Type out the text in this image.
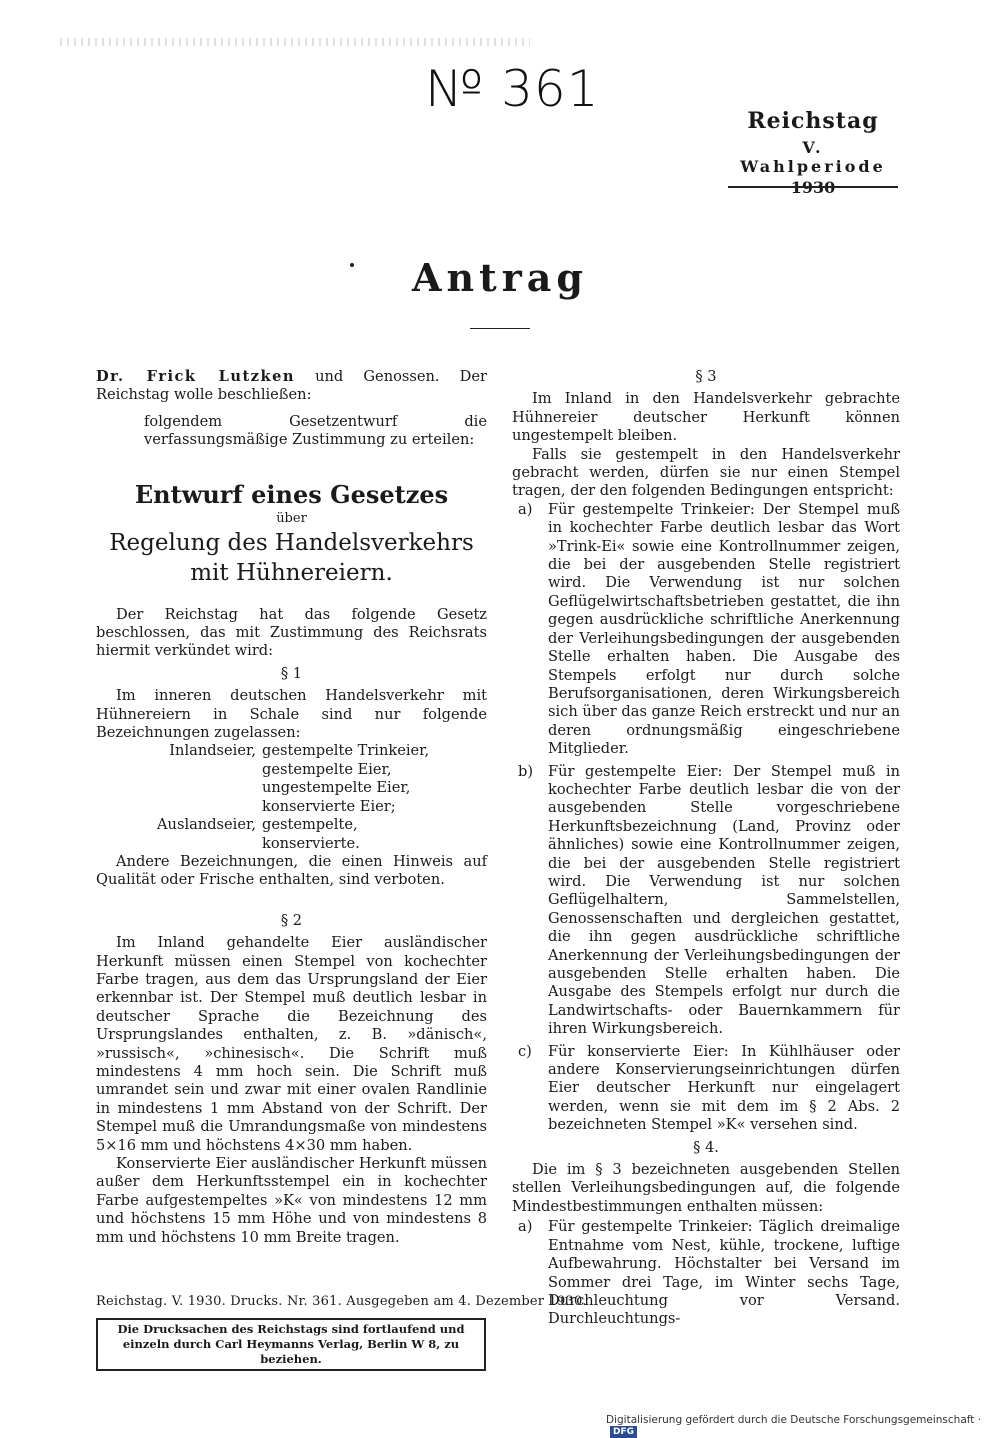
№ 361
Reichstag
V. Wahlperiode
Antrag

Dr. Frick Lutzken und Genossen. Der Reichstag wolle beschließen:

folgendem Gesetzentwurf die verfassungsmäßige Zustimmung zu erteilen:

Entwurf eines Gesetzes

über

Regelung des Handelsverkehrs mit Hühnereiern.

Der Reichstag hat das folgende Gesetz beschlossen, das mit Zustimmung des Reichsrats hiermit verkündet wird:

§ 1

Im inneren deutschen Handelsverkehr mit Hühnereiern in Schale sind nur folgende Bezeichnungen zugelassen:

Inlandseier, gestempelte Trinkeier,
gestempelte Eier,
ungestempelte Eier,
konservierte Eier;
Auslandseier, gestempelte,
konservierte.

Andere Bezeichnungen, die einen Hinweis auf Qualität oder Frische enthalten, sind verboten.

§ 2

Im Inland gehandelte Eier ausländischer Herkunft müssen einen Stempel von kochechter Farbe tragen, aus dem das Ursprungsland der Eier erkennbar ist. Der Stempel muß deutlich lesbar in deutscher Sprache die Bezeichnung des Ursprungslandes enthalten, z. B. »dänisch«, »russisch«, »chinesisch«. Die Schrift muß mindestens 4 mm hoch sein. Die Schrift muß umrandet sein und zwar mit einer ovalen Randlinie in mindestens 1 mm Abstand von der Schrift. Der Stempel muß die Umrandungsmaße von mindestens 5×16 mm und höchstens 4×30 mm haben.

Konservierte Eier ausländischer Herkunft müssen außer dem Herkunftsstempel ein in kochechter Farbe aufgestempeltes »K« von mindestens 12 mm und höchstens 15 mm Höhe und von mindestens 8 mm und höchstens 10 mm Breite tragen.

§ 3

Im Inland in den Handelsverkehr gebrachte Hühnereier deutscher Herkunft können ungestempelt bleiben.

Falls sie gestempelt in den Handelsverkehr gebracht werden, dürfen sie nur einen Stempel tragen, der den folgenden Bedingungen entspricht:

a)	Für gestempelte Trinkeier: Der Stempel muß in kochechter Farbe deutlich lesbar das Wort »Trink-Ei« sowie eine Kontrollnummer zeigen, die bei der ausgebenden Stelle registriert wird. Die Verwendung ist nur solchen Geflügelwirtschaftsbetrieben gestattet, die ihn gegen ausdrückliche schriftliche Anerkennung der Verleihungsbedingungen der ausgebenden Stelle erhalten haben. Die Ausgabe des Stempels erfolgt nur durch solche Berufsorganisationen, deren Wirkungsbereich sich über das ganze Reich erstreckt und nur an deren ordnungsmäßig eingeschriebene Mitglieder.
b)	Für gestempelte Eier: Der Stempel muß in kochechter Farbe deutlich lesbar die von der ausgebenden Stelle vorgeschriebene Herkunftsbezeichnung (Land, Provinz oder ähnliches) sowie eine Kontrollnummer zeigen, die bei der ausgebenden Stelle registriert wird. Die Verwendung ist nur solchen Geflügelhaltern, Sammelstellen, Genossenschaften und dergleichen gestattet, die ihn gegen ausdrückliche schriftliche Anerkennung der Verleihungsbedingungen der ausgebenden Stelle erhalten haben. Die Ausgabe des Stempels erfolgt nur durch die Landwirtschafts- oder Bauernkammern für ihren Wirkungsbereich.
c)	Für konservierte Eier: In Kühlhäuser oder andere Konservierungseinrichtungen dürfen Eier deutscher Herkunft nur eingelagert werden, wenn sie mit dem im § 2 Abs. 2 bezeichneten Stempel »K« versehen sind.

§ 4.

Die im § 3 bezeichneten ausgebenden Stellen stellen Verleihungsbedingungen auf, die folgende Mindestbestimmungen enthalten müssen:

a)	Für gestempelte Trinkeier: Täglich dreimalige Entnahme vom Nest, kühle, trockene, luftige Aufbewahrung. Höchstalter bei Versand im Sommer drei Tage, im Winter sechs Tage, Durchleuchtung vor Versand. Durchleuchtungs-
Reichstag. V. 1930. Drucks. Nr. 361. Ausgegeben am 4. Dezember 1930.
Die Drucksachen des Reichstags sind fortlaufend und einzeln durch Carl Heymanns Verlag, Berlin W 8, zu beziehen.
Digitalisierung gefördert durch die Deutsche Forschungsgemeinschaft ·DFG
